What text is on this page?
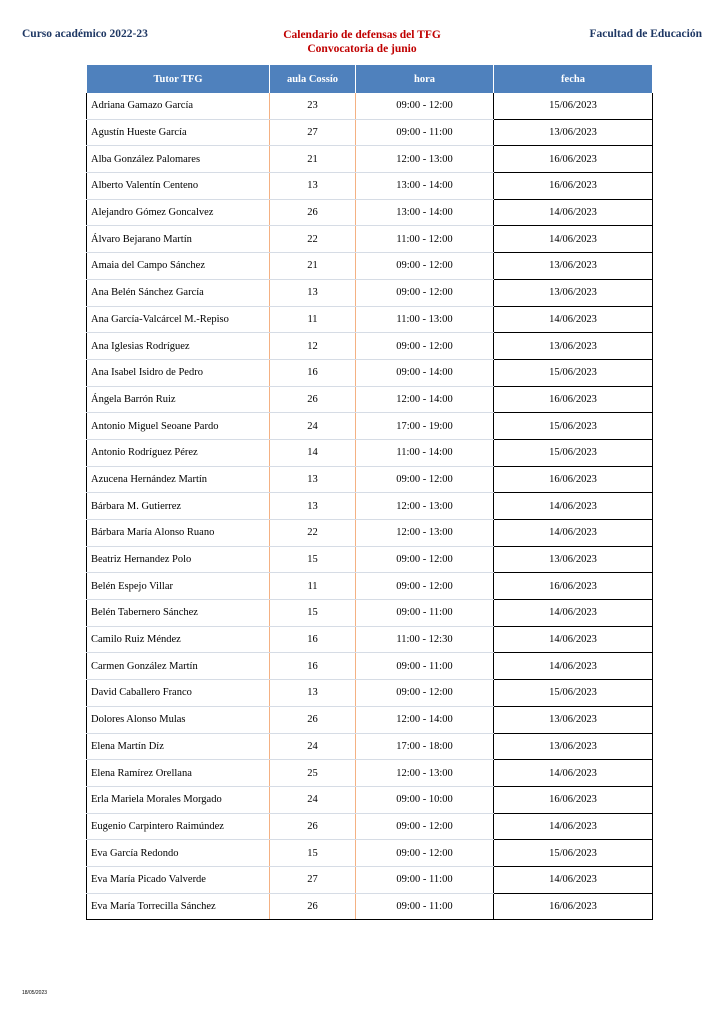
Curso académico 2022-23	Calendario de defensas del TFG
Convocatoria de junio
Facultad de Educación
Tutor TFG	aula Cossío	hora	fecha
Adriana Gamazo García	23	09:00 - 12:00	15/06/2023
Agustín Hueste García	27	09:00 - 11:00	13/06/2023
Alba González Palomares	21	12:00 - 13:00	16/06/2023
Alberto Valentín Centeno	13	13:00 - 14:00	16/06/2023
Alejandro Gómez Goncalvez	26	13:00 - 14:00	14/06/2023
Álvaro Bejarano Martín	22	11:00 - 12:00	14/06/2023
Amaia del Campo Sánchez	21	09:00 - 12:00	13/06/2023
Ana Belén Sánchez García	13	09:00 - 12:00	13/06/2023
Ana García-Valcárcel M.-Repiso	11	11:00 - 13:00	14/06/2023
Ana Iglesias Rodríguez	12	09:00 - 12:00	13/06/2023
Ana Isabel Isidro de Pedro	16	09:00 - 14:00	15/06/2023
Ángela Barrón Ruiz	26	12:00 - 14:00	16/06/2023
Antonio Miguel Seoane Pardo	24	17:00 - 19:00	15/06/2023
Antonio Rodríguez Pérez	14	11:00 - 14:00	15/06/2023
Azucena Hernández Martín	13	09:00 - 12:00	16/06/2023
Bárbara M. Gutierrez	13	12:00 - 13:00	14/06/2023
Bárbara María Alonso Ruano	22	12:00 - 13:00	14/06/2023
Beatriz Hernandez Polo	15	09:00 - 12:00	13/06/2023
Belén Espejo Villar	11	09:00 - 12:00	16/06/2023
Belén Tabernero Sánchez	15	09:00 - 11:00	14/06/2023
Camilo Ruiz Méndez	16	11:00 - 12:30	14/06/2023
Carmen González Martín	16	09:00 - 11:00	14/06/2023
David Caballero Franco	13	09:00 - 12:00	15/06/2023
Dolores Alonso Mulas	26	12:00 - 14:00	13/06/2023
Elena Martín Díz	24	17:00 - 18:00	13/06/2023
Elena Ramírez Orellana	25	12:00 - 13:00	14/06/2023
Erla Mariela Morales Morgado	24	09:00 - 10:00	16/06/2023
Eugenio Carpintero Raimúndez	26	09:00 - 12:00	14/06/2023
Eva García Redondo	15	09:00 - 12:00	15/06/2023
Eva María Picado Valverde	27	09:00 - 11:00	14/06/2023
Eva María Torrecilla Sánchez	26	09:00 - 11:00	16/06/2023
18/05/2023
